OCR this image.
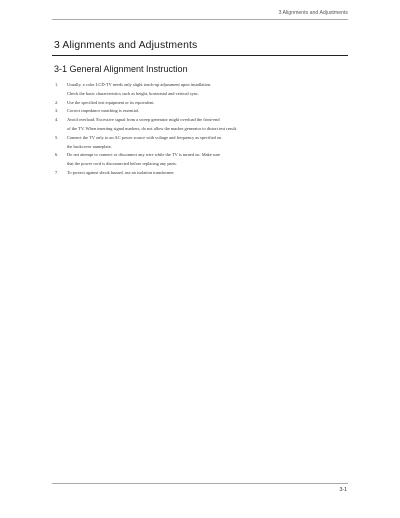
3 Alignments and Adjustments
3 Alignments and Adjustments
3-1 General Alignment Instruction
1.	Usually, a color LCD-TV needs only slight touch-up adjustment upon installation.
Check the basic characteristics such as height, horizontal and vertical sync.
2.	Use the specified test equipment or its equivalent.
3.	Correct impedance matching is essential.
4.	Avoid overload. Excessive signal from a sweep generator might overload the front-end
of the TV. When inserting signal markers, do not allow the marker generator to distort test result.
5.	Connect the TV only to an AC power source with voltage and frequency as specified on
the backcover nameplate.
6.	Do not attempt to connect or disconnect any wire while the TV is turned on. Make sure
that the power cord is disconnected before replacing any parts.
7.	To protect against shock hazard, use an isolation transformer.
3-1
